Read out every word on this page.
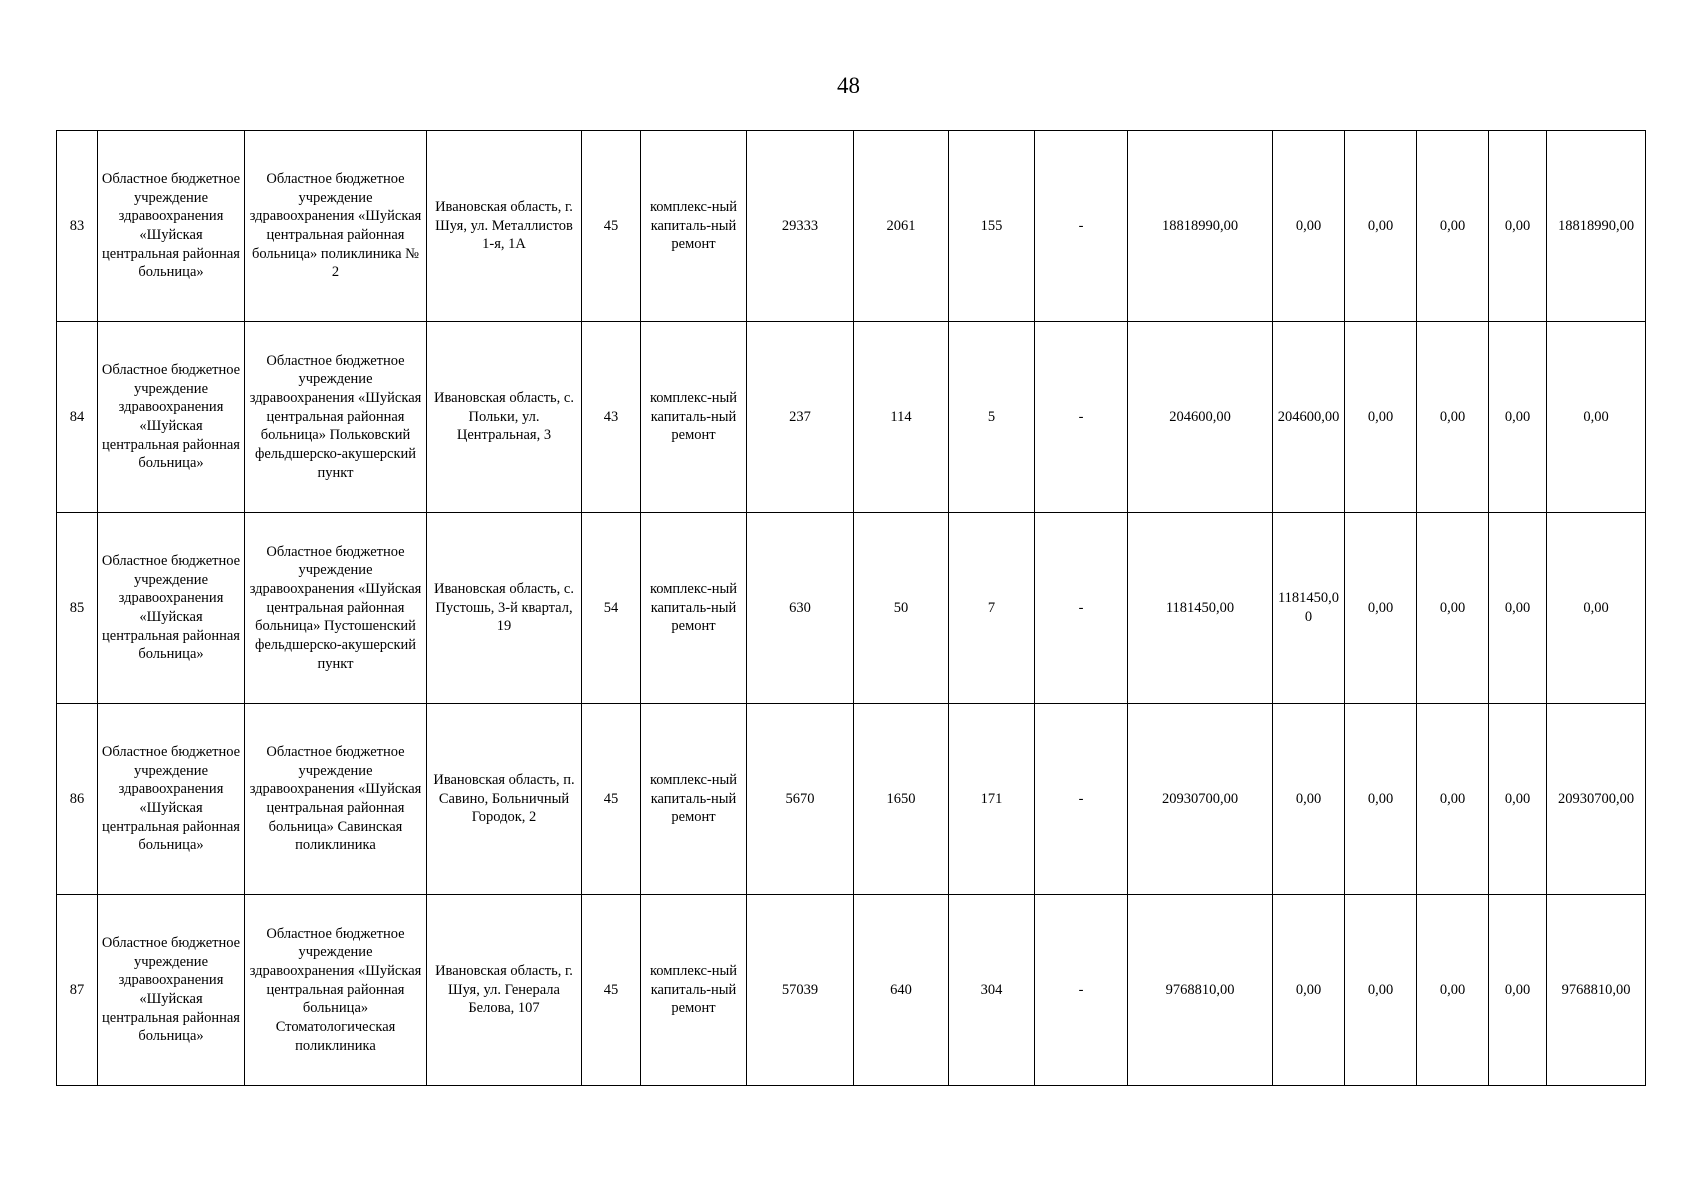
48
83	Областное бюджетное учреждение здравоохранения «Шуйская центральная районная больница»	Областное бюджетное учреждение здравоохранения «Шуйская центральная районная больница» поликлиника № 2	Ивановская область, г. Шуя, ул. Металлистов 1-я, 1А	45	комплекс-ный капиталь-ный ремонт	29333	2061	155	-	18818990,00	0,00	0,00	0,00	0,00	18818990,00
84	Областное бюджетное учреждение здравоохранения «Шуйская центральная районная больница»	Областное бюджетное учреждение здравоохранения «Шуйская центральная районная больница» Польковский фельдшерско-акушерский пункт	Ивановская область, с. Польки, ул. Центральная, 3	43	комплекс-ный капиталь-ный ремонт	237	114	5	-	204600,00	204600,00	0,00	0,00	0,00	0,00
85	Областное бюджетное учреждение здравоохранения «Шуйская центральная районная больница»	Областное бюджетное учреждение здравоохранения «Шуйская центральная районная больница» Пустошенский фельдшерско-акушерский пункт	Ивановская область, с. Пустошь, 3-й квартал, 19	54	комплекс-ный капиталь-ный ремонт	630	50	7	-	1181450,00	1181450,00	0,00	0,00	0,00	0,00
86	Областное бюджетное учреждение здравоохранения «Шуйская центральная районная больница»	Областное бюджетное учреждение здравоохранения «Шуйская центральная районная больница» Савинская поликлиника	Ивановская область, п. Савино, Больничный Городок, 2	45	комплекс-ный капиталь-ный ремонт	5670	1650	171	-	20930700,00	0,00	0,00	0,00	0,00	20930700,00
87	Областное бюджетное учреждение здравоохранения «Шуйская центральная районная больница»	Областное бюджетное учреждение здравоохранения «Шуйская центральная районная больница» Стоматологическая поликлиника	Ивановская область, г. Шуя, ул. Генерала Белова, 107	45	комплекс-ный капиталь-ный ремонт	57039	640	304	-	9768810,00	0,00	0,00	0,00	0,00	9768810,00
